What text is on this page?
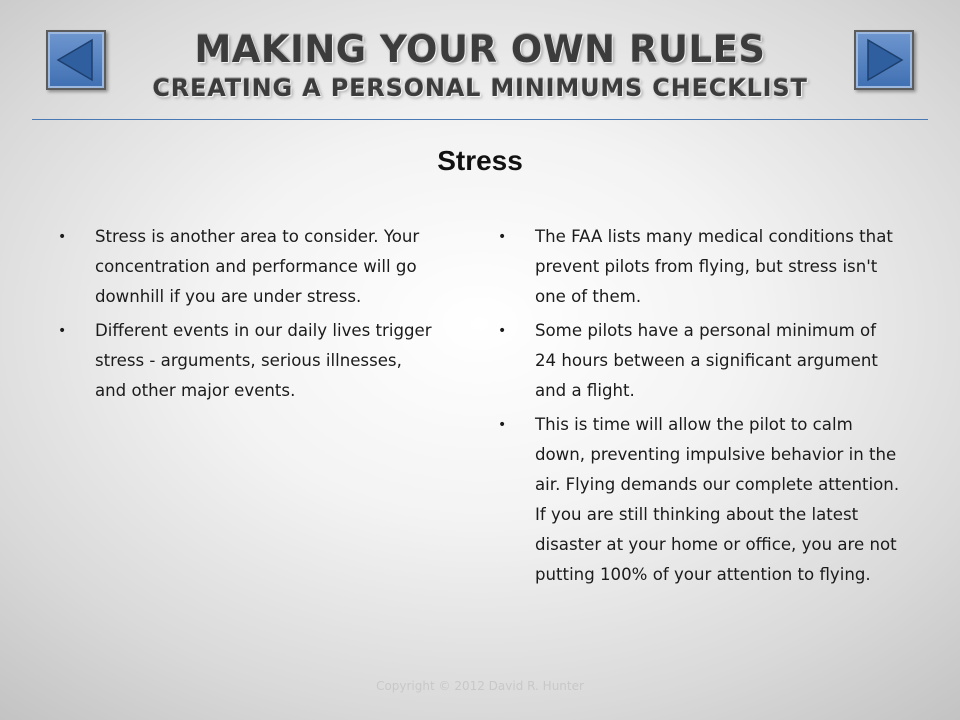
MAKING YOUR OWN RULES
CREATING A PERSONAL MINIMUMS CHECKLIST
Stress
• Stress is another area to consider. Your concentration and performance will go downhill if you are under stress.
• Different events in our daily lives trigger stress - arguments, serious illnesses, and other major events.
• The FAA lists many medical conditions that prevent pilots from flying, but stress isn't one of them.
• Some pilots have a personal minimum of 24 hours between a significant argument and a flight.
• This is time will allow the pilot to calm down, preventing impulsive behavior in the air. Flying demands our complete attention. If you are still thinking about the latest disaster at your home or office, you are not putting 100% of your attention to flying.
Copyright © 2012 David R. Hunter
